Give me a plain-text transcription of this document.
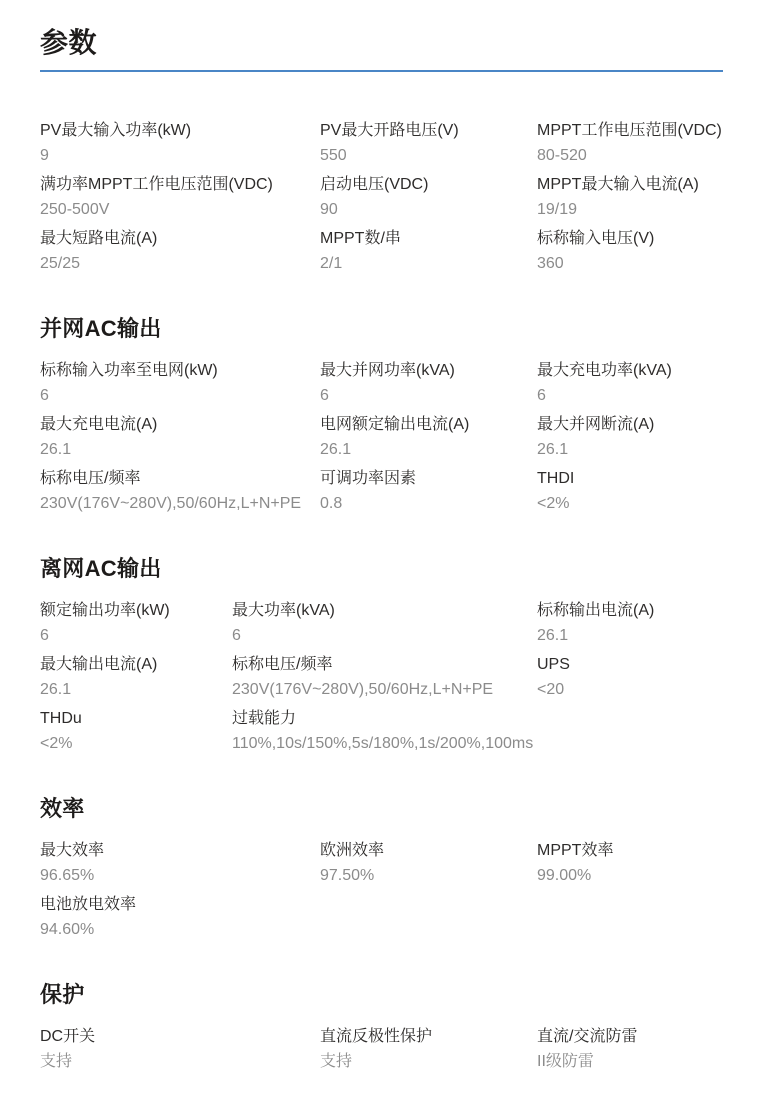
参数
PV最大输入功率(kW)
9
PV最大开路电压(V)
550
MPPT工作电压范围(VDC)
80-520
满功率MPPT工作电压范围(VDC)
250-500V
启动电压(VDC)
90
MPPT最大输入电流(A)
19/19
最大短路电流(A)
25/25
MPPT数/串
2/1
标称输入电压(V)
360
并网AC输出
标称输入功率至电网(kW)
6
最大并网功率(kVA)
6
最大充电功率(kVA)
6
最大充电电流(A)
26.1
电网额定输出电流(A)
26.1
最大并网断流(A)
26.1
标称电压/频率
230V(176V~280V),50/60Hz,L+N+PE
可调功率因素
0.8
THDI
<2%
离网AC输出
额定输出功率(kW)
6
最大功率(kVA)
6
标称输出电流(A)
26.1
最大输出电流(A)
26.1
标称电压/频率
230V(176V~280V),50/60Hz,L+N+PE
UPS
<20
THDu
<2%
过载能力
110%,10s/150%,5s/180%,1s/200%,100ms
效率
最大效率
96.65%
欧洲效率
97.50%
MPPT效率
99.00%
电池放电效率
94.60%
保护
DC开关
支持
直流反极性保护
支持
直流/交流防雷
II级防雷
